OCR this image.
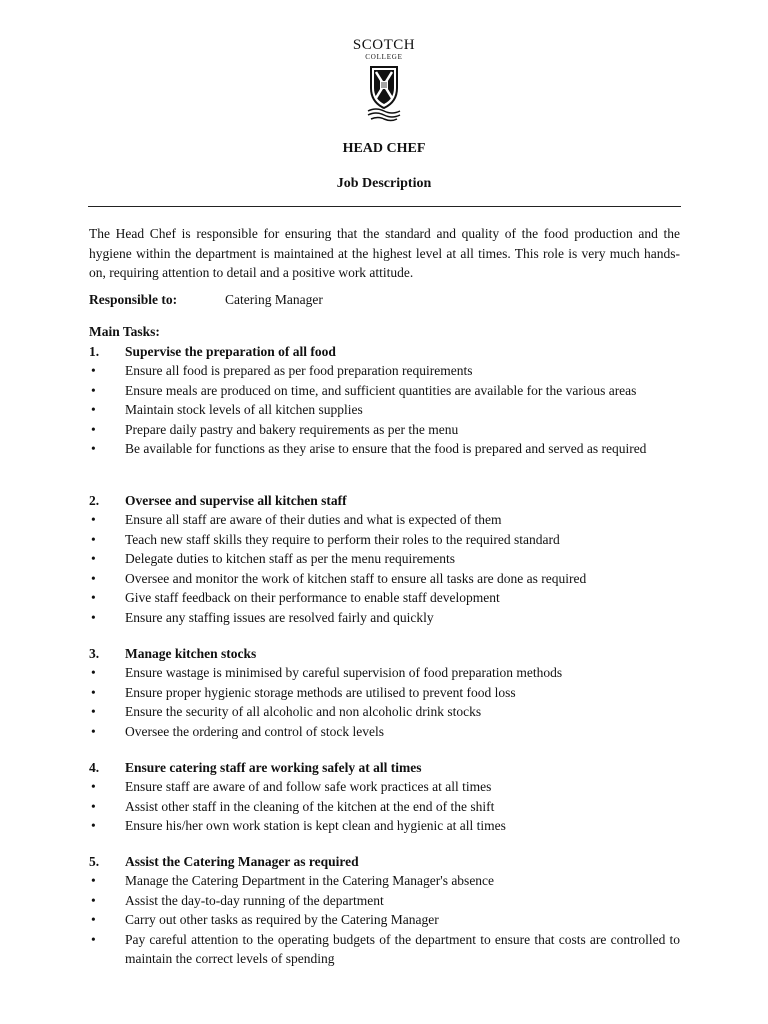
SCOTCH
COLLEGE
HEAD CHEF
Job Description
The Head Chef is responsible for ensuring that the standard and quality of the food production and the hygiene within the department is maintained at the highest level at all times. This role is very much hands-on, requiring attention to detail and a positive work attitude.
Responsible to:	Catering Manager
Main Tasks:
1. Supervise the preparation of all food
• Ensure all food is prepared as per food preparation requirements
• Ensure meals are produced on time, and sufficient quantities are available for the various areas
• Maintain stock levels of all kitchen supplies
• Prepare daily pastry and bakery requirements as per the menu
• Be available for functions as they arise to ensure that the food is prepared and served as required
2. Oversee and supervise all kitchen staff
• Ensure all staff are aware of their duties and what is expected of them
• Teach new staff skills they require to perform their roles to the required standard
• Delegate duties to kitchen staff as per the menu requirements
• Oversee and monitor the work of kitchen staff to ensure all tasks are done as required
• Give staff feedback on their performance to enable staff development
• Ensure any staffing issues are resolved fairly and quickly
3. Manage kitchen stocks
• Ensure wastage is minimised by careful supervision of food preparation methods
• Ensure proper hygienic storage methods are utilised to prevent food loss
• Ensure the security of all alcoholic and non alcoholic drink stocks
• Oversee the ordering and control of stock levels
4. Ensure catering staff are working safely at all times
• Ensure staff are aware of and follow safe work practices at all times
• Assist other staff in the cleaning of the kitchen at the end of the shift
• Ensure his/her own work station is kept clean and hygienic at all times
5. Assist the Catering Manager as required
• Manage the Catering Department in the Catering Manager's absence
• Assist the day-to-day running of the department
• Carry out other tasks as required by the Catering Manager
• Pay careful attention to the operating budgets of the department to ensure that costs are controlled to maintain the correct levels of spending
